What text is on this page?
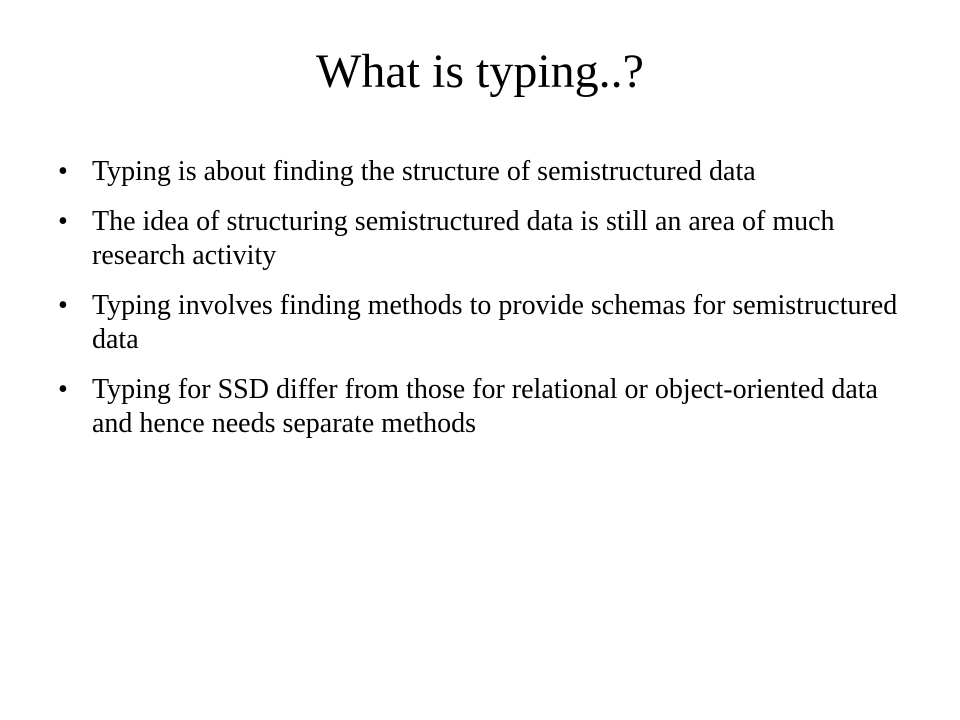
What is typing..?
• Typing is about finding the structure of semistructured data
• The idea of structuring semistructured data is still an area of much research activity
• Typing involves finding methods to provide schemas for semistructured data
• Typing for SSD differ from those for relational or object-oriented data and hence needs separate methods
